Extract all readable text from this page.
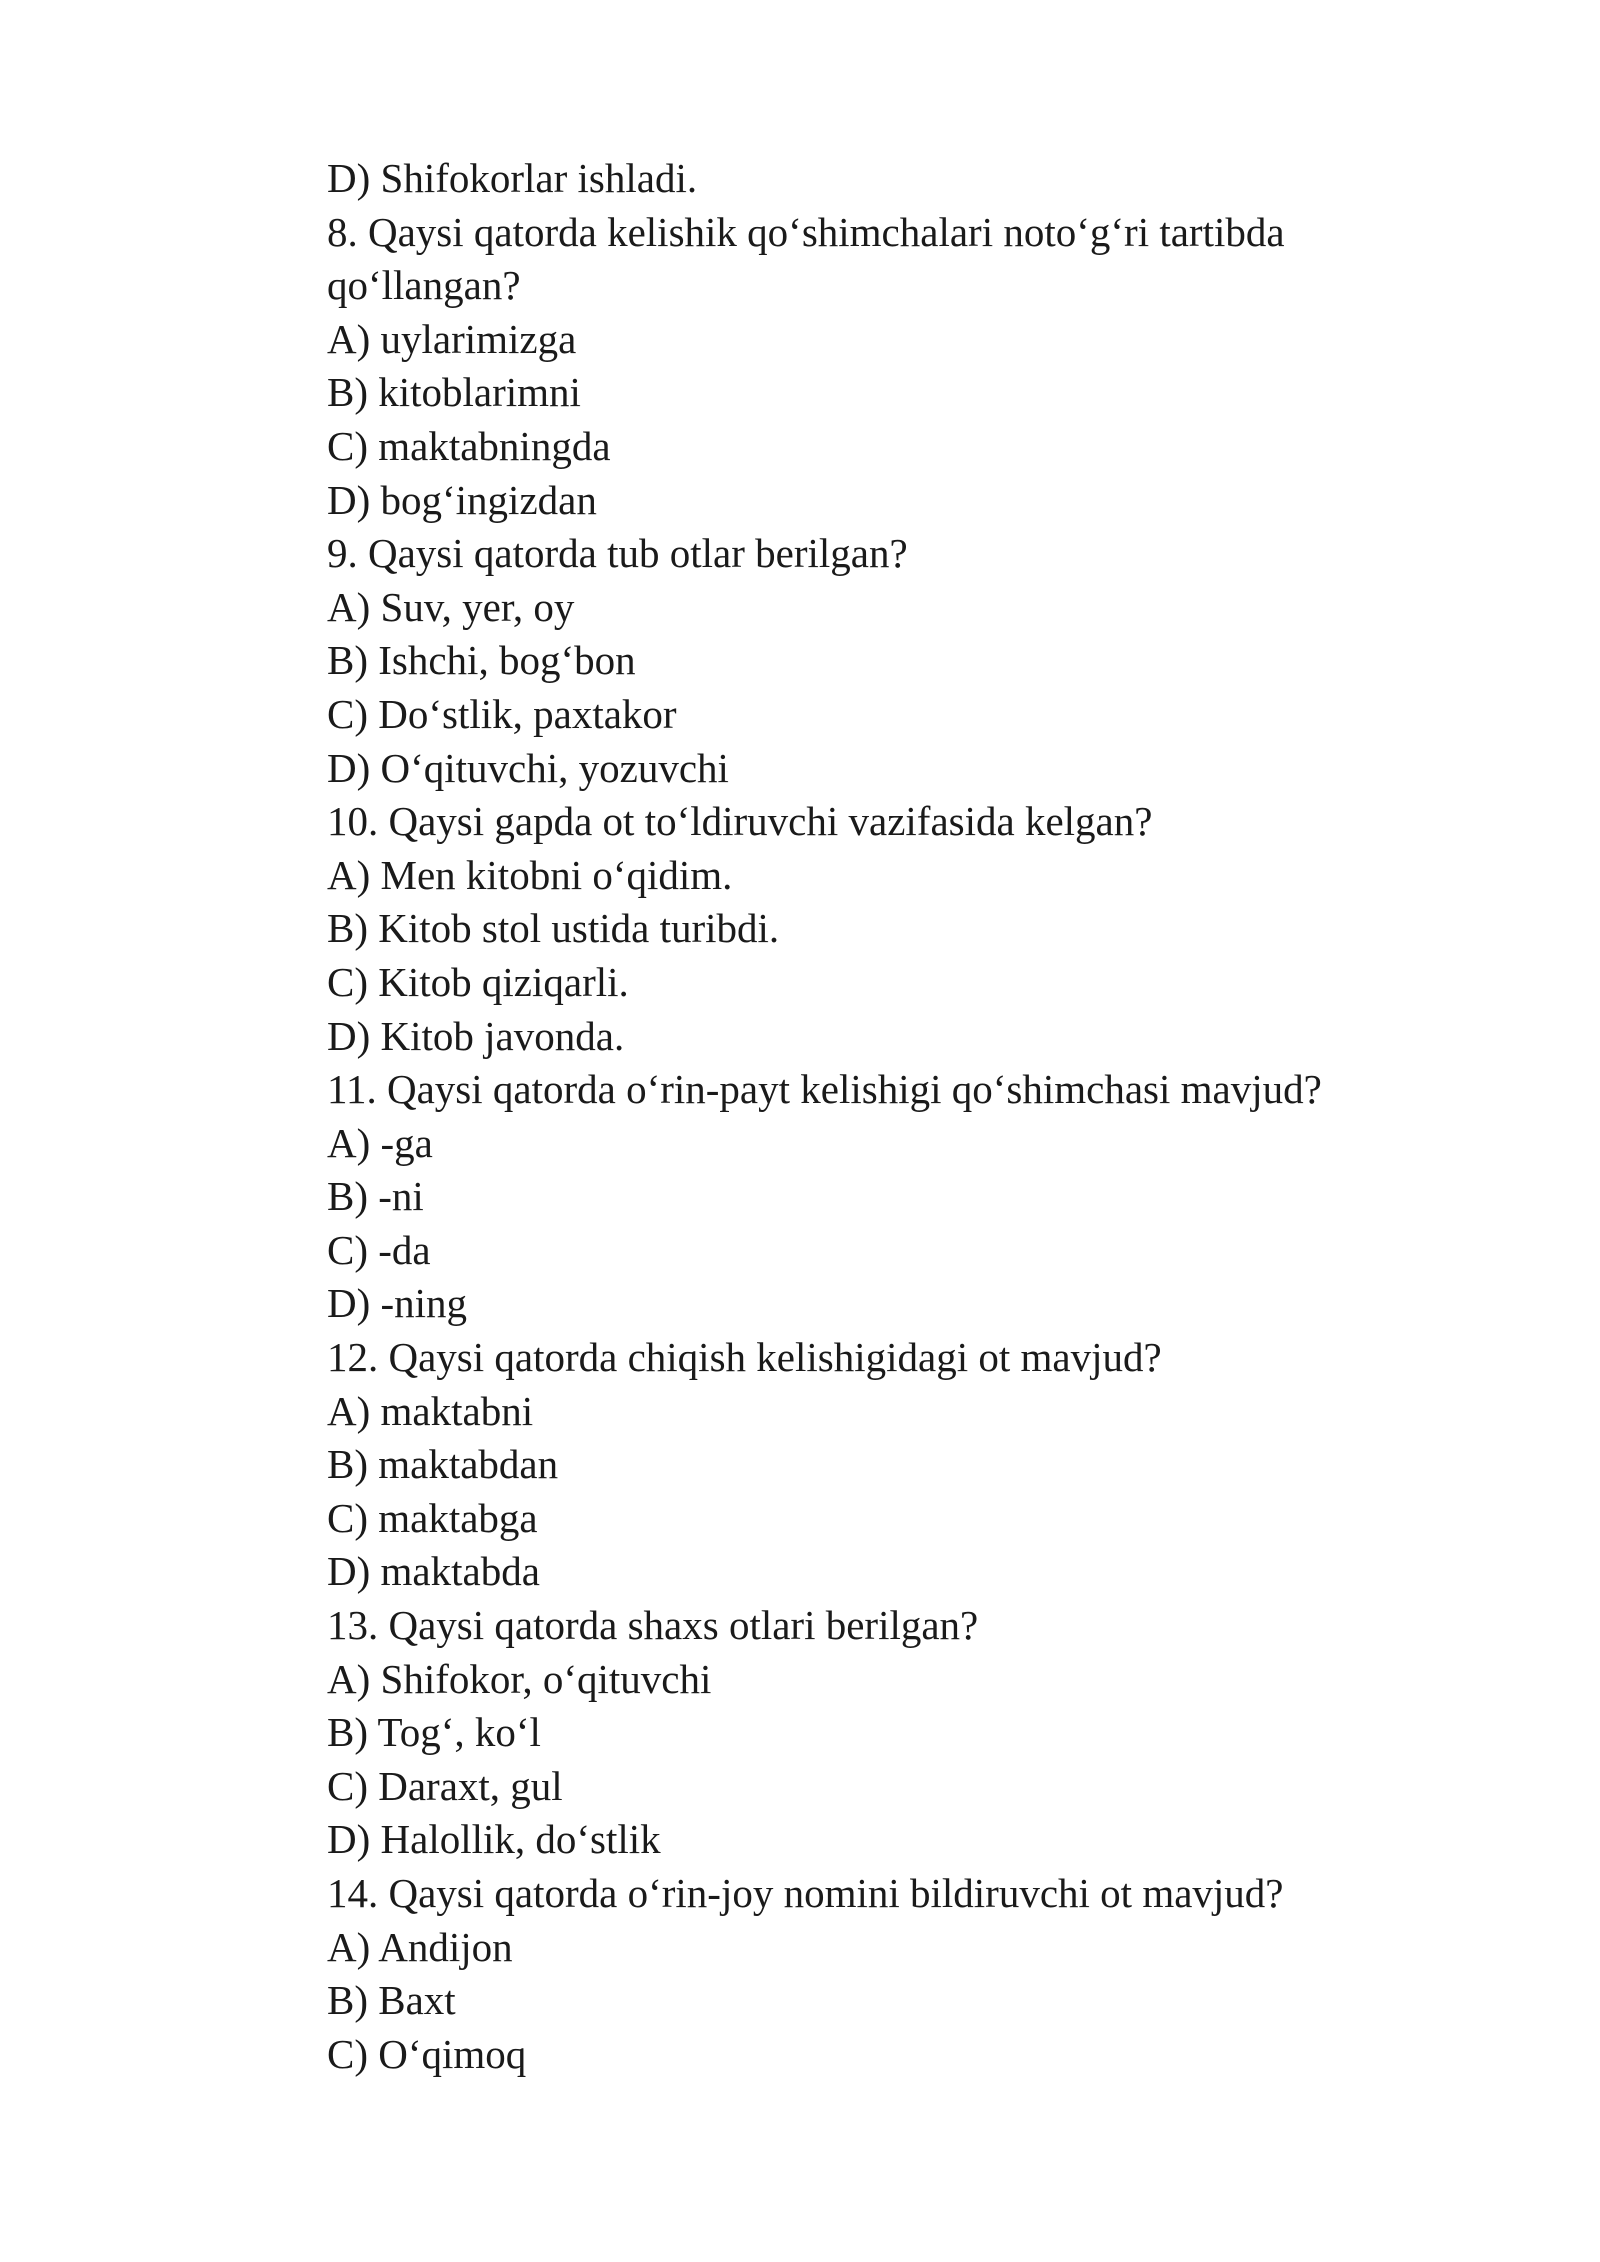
D) Shifokorlar ishladi.
8. Qaysi qatorda kelishik qo‘shimchalari noto‘g‘ri tartibda qo‘llangan?
A) uylarimizga
B) kitoblarimni
C) maktabningda
D) bog‘ingizdan
9. Qaysi qatorda tub otlar berilgan?
A) Suv, yer, oy
B) Ishchi, bog‘bon
C) Do‘stlik, paxtakor
D) O‘qituvchi, yozuvchi
10. Qaysi gapda ot to‘ldiruvchi vazifasida kelgan?
A) Men kitobni o‘qidim.
B) Kitob stol ustida turibdi.
C) Kitob qiziqarli.
D) Kitob javonda.
11. Qaysi qatorda o‘rin-payt kelishigi qo‘shimchasi mavjud?
A) -ga
B) -ni
C) -da
D) -ning
12. Qaysi qatorda chiqish kelishigidagi ot mavjud?
A) maktabni
B) maktabdan
C) maktabga
D) maktabda
13. Qaysi qatorda shaxs otlari berilgan?
A) Shifokor, o‘qituvchi
B) Tog‘, ko‘l
C) Daraxt, gul
D) Halollik, do‘stlik
14. Qaysi qatorda o‘rin-joy nomini bildiruvchi ot mavjud?
A) Andijon
B) Baxt
C) O‘qimoq
